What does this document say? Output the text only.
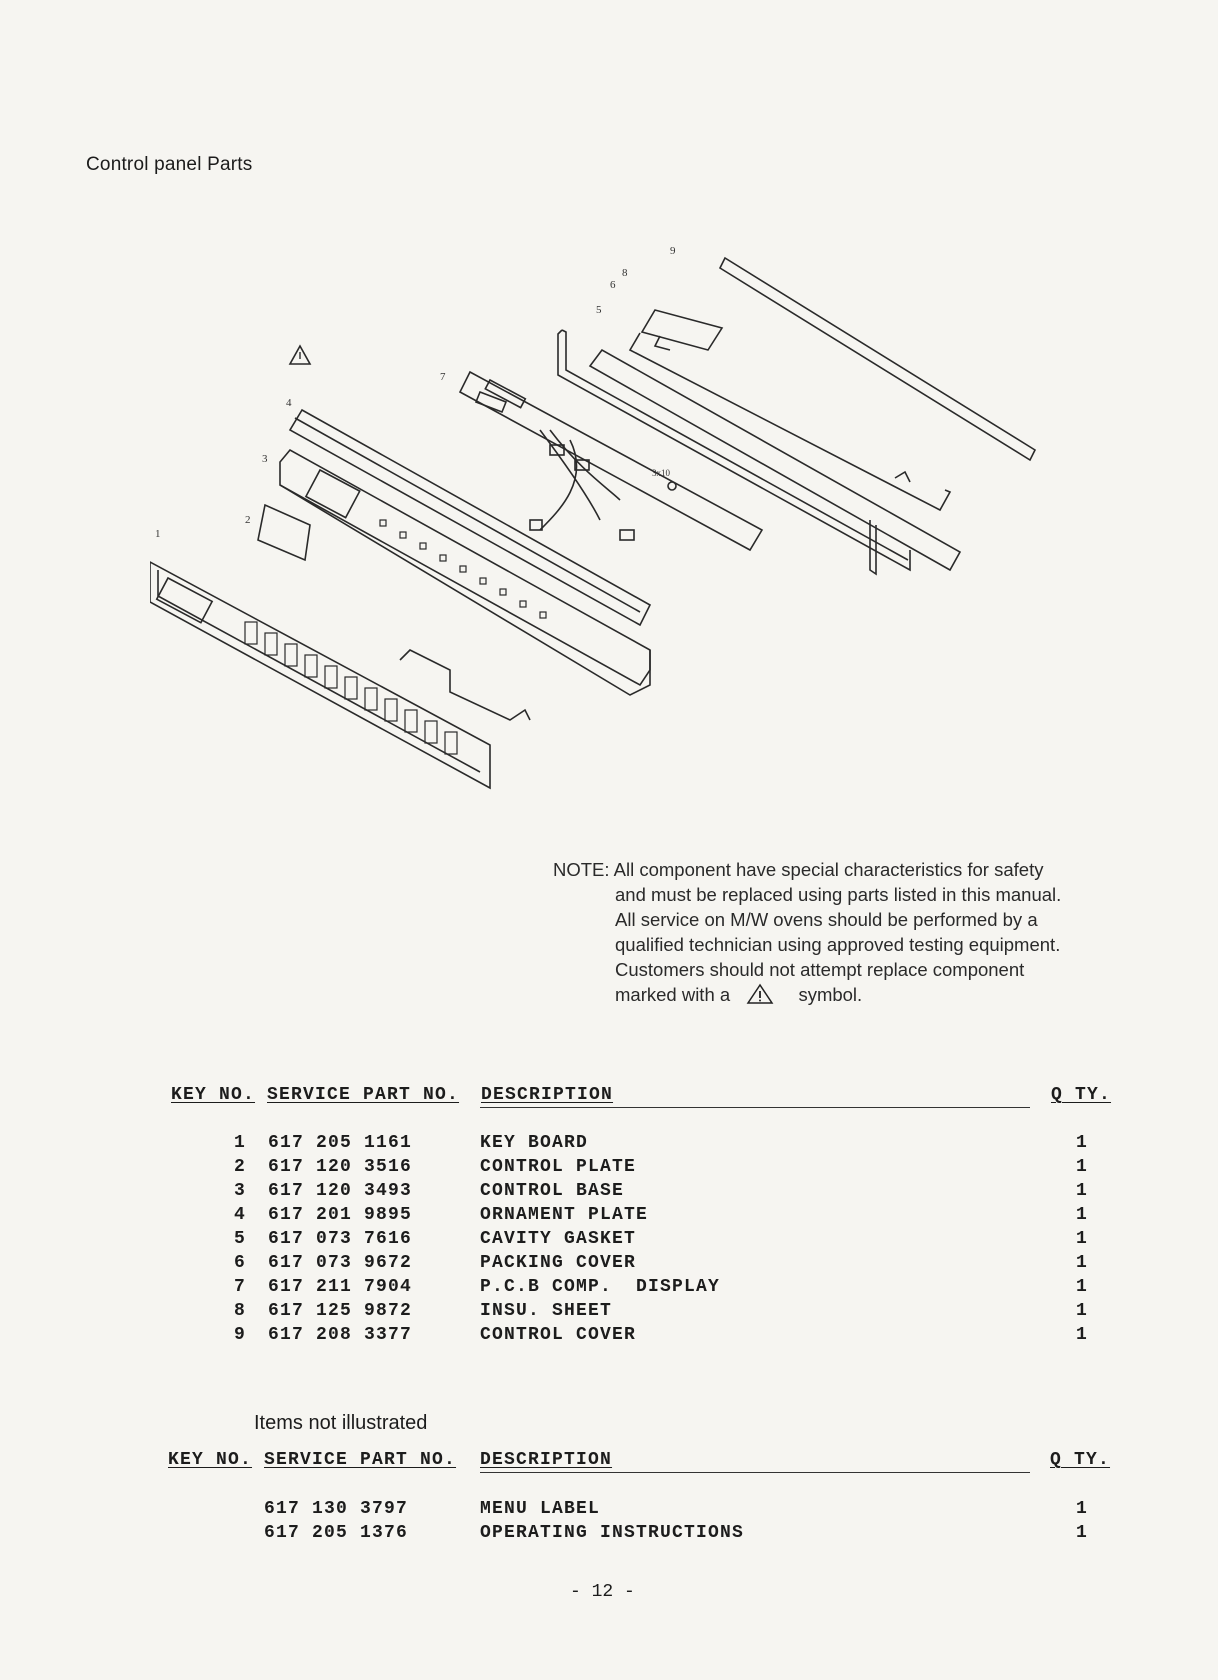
Control panel Parts
1
2
3
4
5
6
7
8
9
3x10
NOTE: All component have special characteristics for safety
and must be replaced using parts listed in this manual.
All service on M/W ovens should be performed by a
qualified technician using approved testing equipment.
Customers should not attempt replace component
marked with a	symbol.
KEY NO. SERVICE PART NO. DESCRIPTION	Q TY.
1 617 205 1161	KEY BOARD	1
2 617 120 3516	CONTROL PLATE	1
3 617 120 3493	CONTROL BASE	1
4 617 201 9895	ORNAMENT PLATE	1
5 617 073 7616	CAVITY GASKET	1
6 617 073 9672	PACKING COVER	1
7 617 211 7904	P.C.B COMP.  DISPLAY	1
8 617 125 9872	INSU. SHEET	1
9 617 208 3377	CONTROL COVER	1
Items not illustrated
KEY NO. SERVICE PART NO. DESCRIPTION	Q TY.
617 130 3797	MENU LABEL	1
617 205 1376	OPERATING INSTRUCTIONS	1
- 12 -
